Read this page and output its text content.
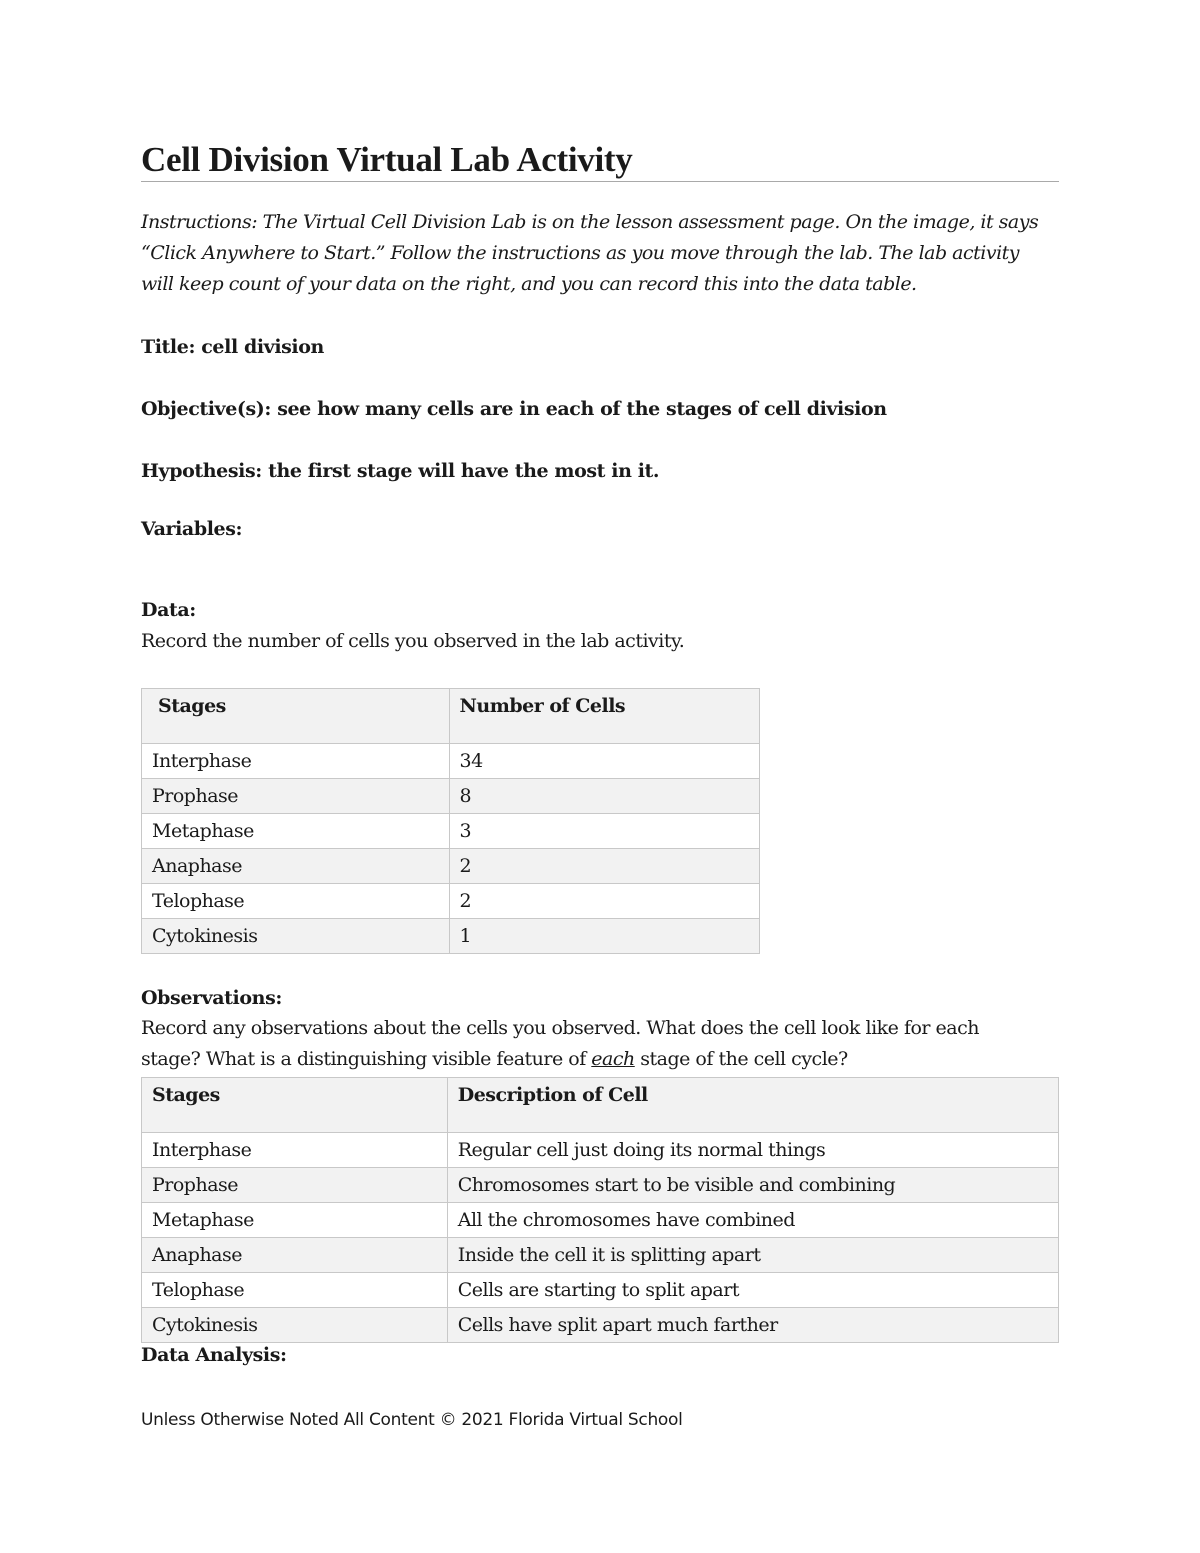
Cell Division Virtual Lab Activity

Instructions: The Virtual Cell Division Lab is on the lesson assessment page. On the image, it says “Click Anywhere to Start.” Follow the instructions as you move through the lab. The lab activity will keep count of your data on the right, and you can record this into the data table.

Title: cell division

Objective(s): see how many cells are in each of the stages of cell division

Hypothesis: the first stage will have the most in it.

Variables:

Data:

Record the number of cells you observed in the lab activity.

Stages	Number of Cells
Interphase	34
Prophase	8
Metaphase	3
Anaphase	2
Telophase	2
Cytokinesis	1

Observations:

Record any observations about the cells you observed. What does the cell look like for each stage? What is a distinguishing visible feature of each stage of the cell cycle?

Stages	Description of Cell
Interphase	Regular cell just doing its normal things
Prophase	Chromosomes start to be visible and combining
Metaphase	All the chromosomes have combined
Anaphase	Inside the cell it is splitting apart
Telophase	Cells are starting to split apart
Cytokinesis	Cells have split apart much farther

Data Analysis:

Unless Otherwise Noted All Content © 2021 Florida Virtual School
